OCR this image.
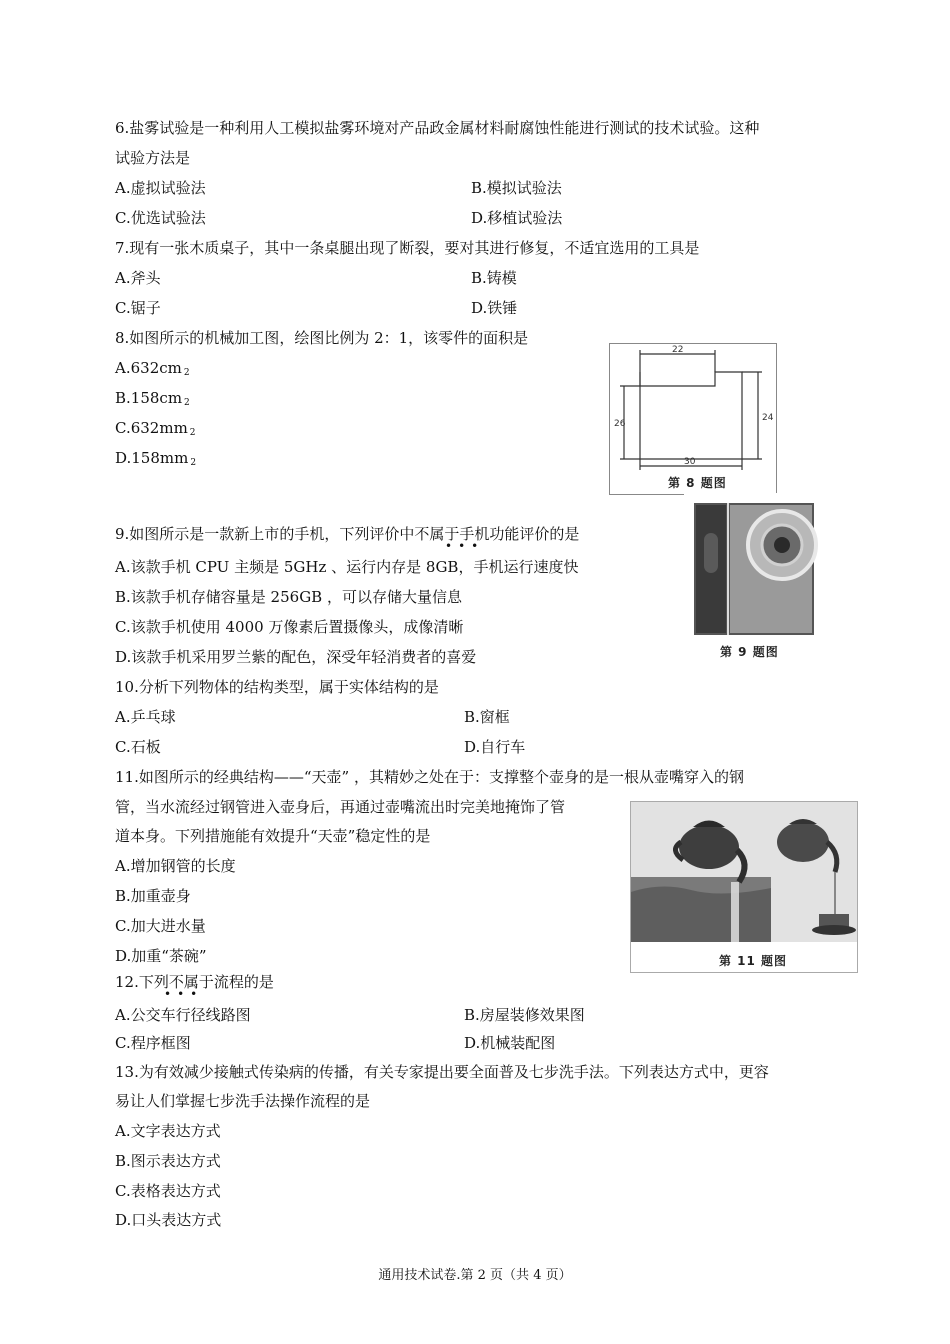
6.盐雾试验是一种利用人工模拟盐雾环境对产品政金属材料耐腐蚀性能进行测试的技术试验。这种
试验方法是
A.虚拟试验法	B.模拟试验法
C.优选试验法	D.移植试验法
7.现有一张木质桌子，其中一条桌腿出现了断裂，要对其进行修复，不适宜选用的工具是
A.斧头	B.铸模
C.锯子	D.铁锤
8.如图所示的机械加工图，绘图比例为 2：1，该零件的面积是
A.632cm $^2$
B.158cm $^2$
C.632mm $^2$
D.158mm $^2$
22
26
24
30
第 8 题图
9.如图所示是一款新上市的手机，下列评价中不属于手机功能评价的是
•••
A.该款手机 CPU 主频是 5GHz 、运行内存是 8GB，手机运行速度快
B.该款手机存储容量是 256GB ，可以存储大量信息
C.该款手机使用 4000 万像素后置摄像头，成像清晰
D.该款手机采用罗兰紫的配色，深受年轻消费者的喜爱	第 9 题图
10.分析下列物体的结构类型，属于实体结构的是
A.乒乓球	B.窗框
C.石板	D.自行车
11.如图所示的经典结构——“天壶” ，其精妙之处在于：支撑整个壶身的是一根从壶嘴穿入的钢
管，当水流经过钢管进入壶身后，再通过壶嘴流出时完美地掩饰了管
道本身。下列措施能有效提升“天壶”稳定性的是
A.增加钢管的长度
B.加重壶身
C.加大进水量
D.加重“茶碗”	第 11 题图
12.下列不属于流程的是
•••
A.公交车行径线路图	B.房屋装修效果图
C.程序框图	D.机械装配图
13.为有效减少接触式传染病的传播，有关专家提出要全面普及七步洗手法。下列表达方式中，更容
易让人们掌握七步洗手法操作流程的是
A.文字表达方式
B.图示表达方式
C.表格表达方式
D.口头表达方式
通用技术试卷.第 2 页（共 4 页）
